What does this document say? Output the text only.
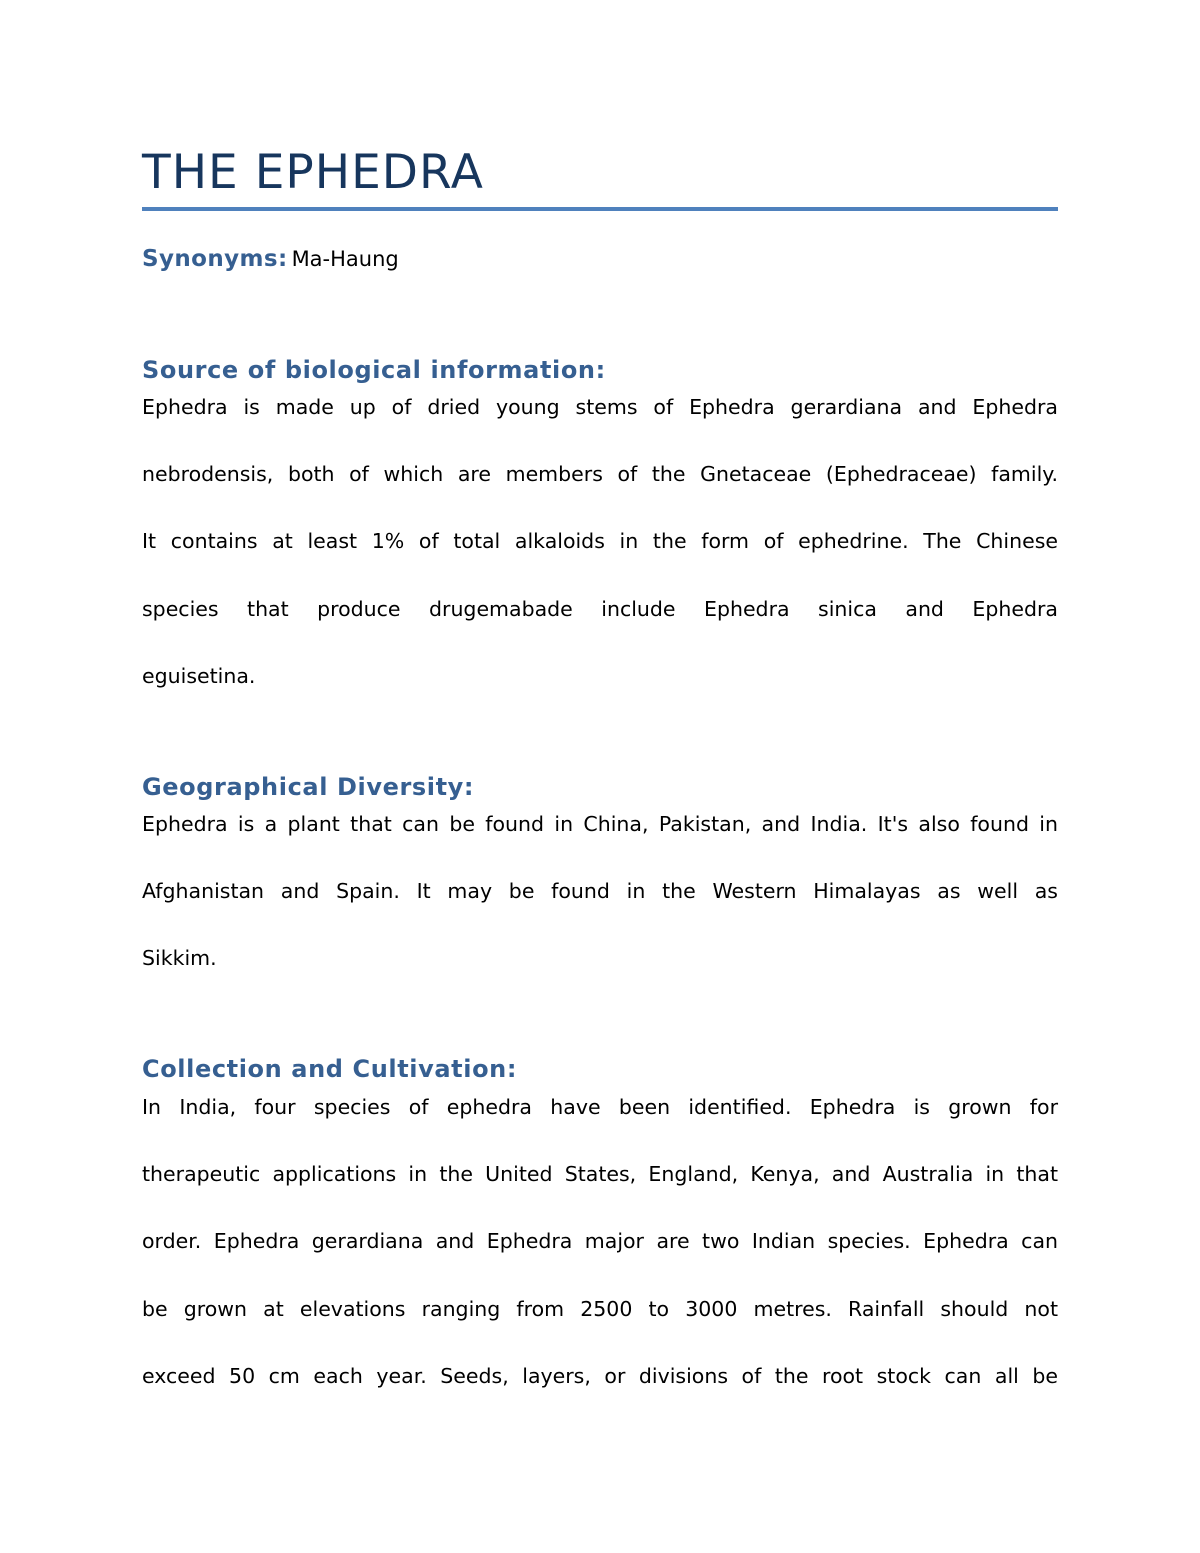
THE EPHEDRA

Synonyms: Ma-Haung

Source of biological information:
Ephedra is made up of dried young stems of Ephedra gerardiana and Ephedra
nebrodensis, both of which are members of the Gnetaceae (Ephedraceae) family.
It contains at least 1% of total alkaloids in the form of ephedrine. The Chinese
species that produce drugemabade include Ephedra sinica and Ephedra
eguisetina.
Geographical Diversity:
Ephedra is a plant that can be found in China, Pakistan, and India. It's also found in
Afghanistan and Spain. It may be found in the Western Himalayas as well as
Sikkim.
Collection and Cultivation:
In India, four species of ephedra have been identified. Ephedra is grown for
therapeutic applications in the United States, England, Kenya, and Australia in that
order. Ephedra gerardiana and Ephedra major are two Indian species. Ephedra can
be grown at elevations ranging from 2500 to 3000 metres. Rainfall should not
exceed 50 cm each year. Seeds, layers, or divisions of the root stock can all be
